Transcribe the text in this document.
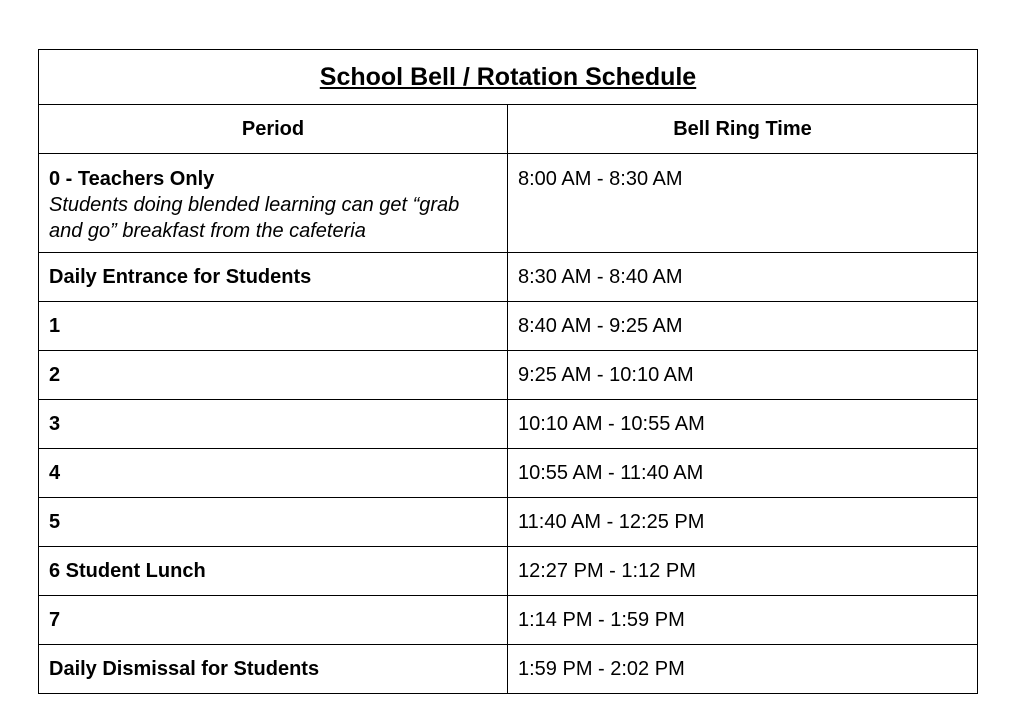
School Bell / Rotation Schedule	
Period	Bell Ring Time
0 - Teachers Only
Students doing blended learning can get “grab and go” breakfast from the cafeteria	8:00 AM - 8:30 AM
Daily Entrance for Students	8:30 AM - 8:40 AM
1	8:40 AM - 9:25 AM
2	9:25 AM - 10:10 AM
3	10:10 AM - 10:55 AM
4	10:55 AM - 11:40 AM
5	11:40 AM - 12:25 PM
6 Student Lunch	12:27 PM - 1:12 PM
7	1:14 PM - 1:59 PM
Daily Dismissal for Students	1:59 PM - 2:02 PM
